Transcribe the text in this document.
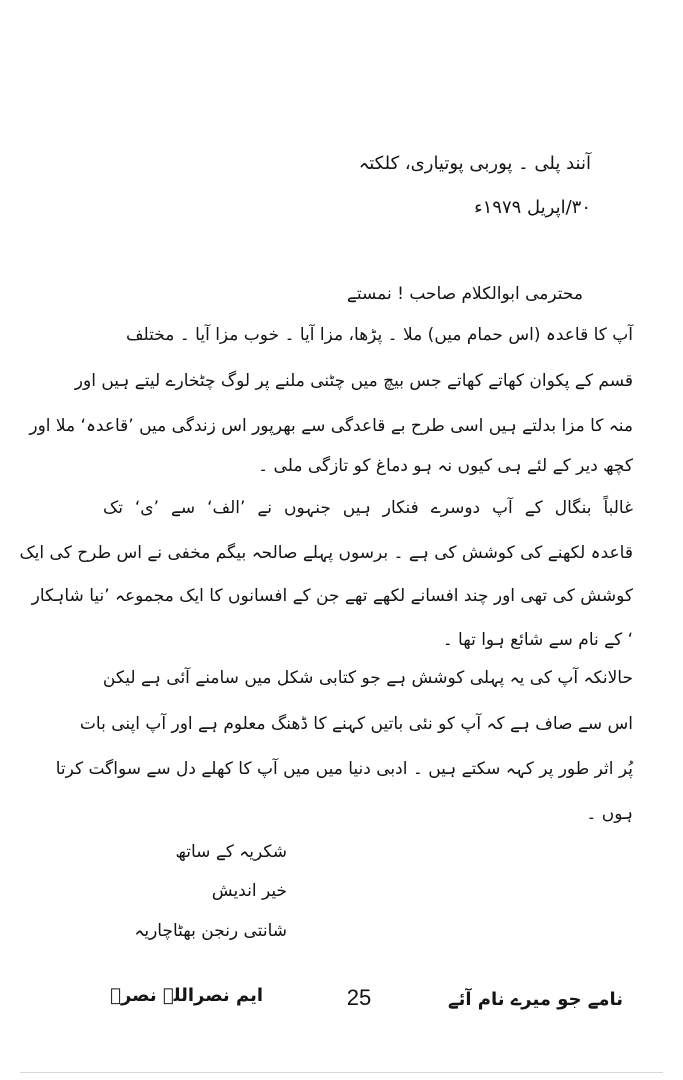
آنند پلی ۔ پوربی پوتیاری، کلکتہ
۳۰/اپریل ۱۹۷۹ء
محترمی ابوالکلام صاحب ! نمستے
آپ کا قاعدہ (اس حمام میں) ملا ۔ پڑھا، مزا آیا ۔ خوب مزا آیا ۔ مختلف
قسم کے پکوان کھاتے کھاتے جس بیچ میں چٹنی ملنے پر لوگ چٹخارے لیتے ہیں اور
منہ کا مزا بدلتے ہیں اسی طرح بے قاعدگی سے بھرپور اس زندگی میں ’قاعدہ‘ ملا اور
کچھ دیر کے لئے ہی کیوں نہ ہو دماغ کو تازگی ملی ۔
غالباً بنگال کے آپ دوسرے فنکار ہیں جنہوں نے ’الف‘ سے ’ی‘ تک
قاعدہ لکھنے کی کوشش کی ہے ۔ برسوں پہلے صالحہ بیگم مخفی نے اس طرح کی ایک
کوشش کی تھی اور چند افسانے لکھے تھے جن کے افسانوں کا ایک مجموعہ ’نیا شاہکار
‘ کے نام سے شائع ہوا تھا ۔
حالانکہ آپ کی یہ پہلی کوشش ہے جو کتابی شکل میں سامنے آئی ہے لیکن
اس سے صاف ہے کہ آپ کو نئی باتیں کہنے کا ڈھنگ معلوم ہے اور آپ اپنی بات
پُر اثر طور پر کہہ سکتے ہیں ۔ ادبی دنیا میں میں آپ کا کھلے دل سے سواگت کرتا
ہوں ۔
شکریہ کے ساتھ
خیر اندیش
شانتی رنجن بھٹاچاریہ
نامے جو میرے نام آئے
25
ایم نصراللہ نصرؔ
